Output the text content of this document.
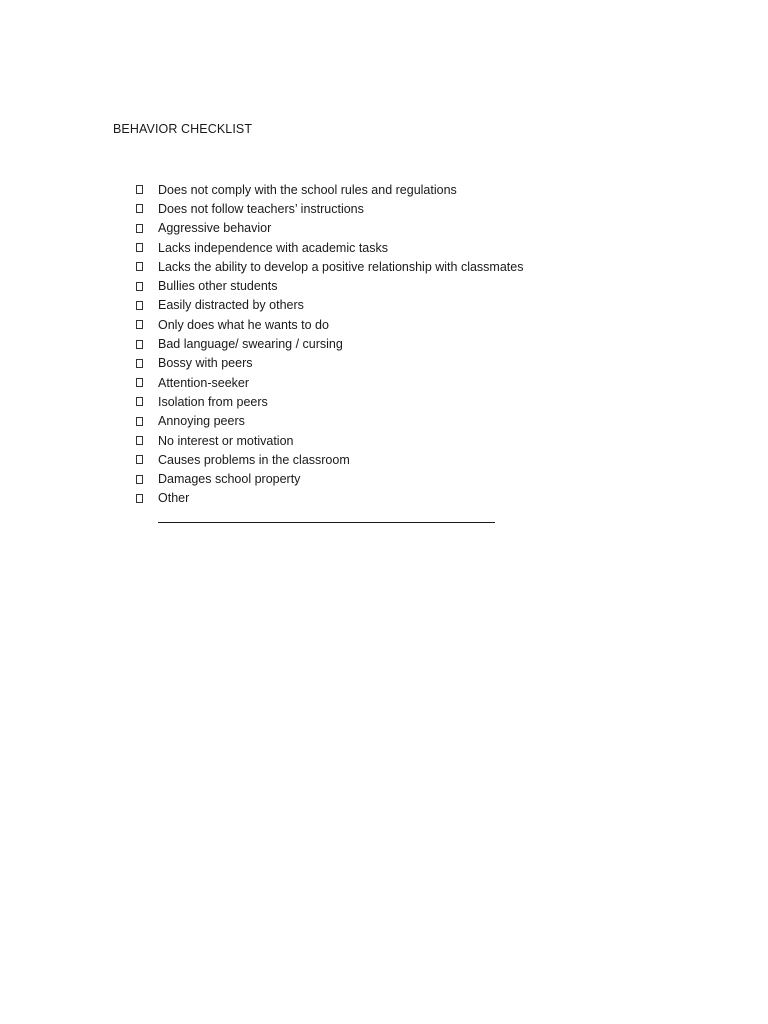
BEHAVIOR CHECKLIST
Does not comply with the school rules and regulations
Does not follow teachers’ instructions
Aggressive behavior
Lacks independence with academic tasks
Lacks the ability to develop a positive relationship with classmates
Bullies other students
Easily distracted by others
Only does what he wants to do
Bad language/ swearing / cursing
Bossy with peers
Attention-seeker
Isolation from peers
Annoying peers
No interest or motivation
Causes problems in the classroom
Damages school property
Other
